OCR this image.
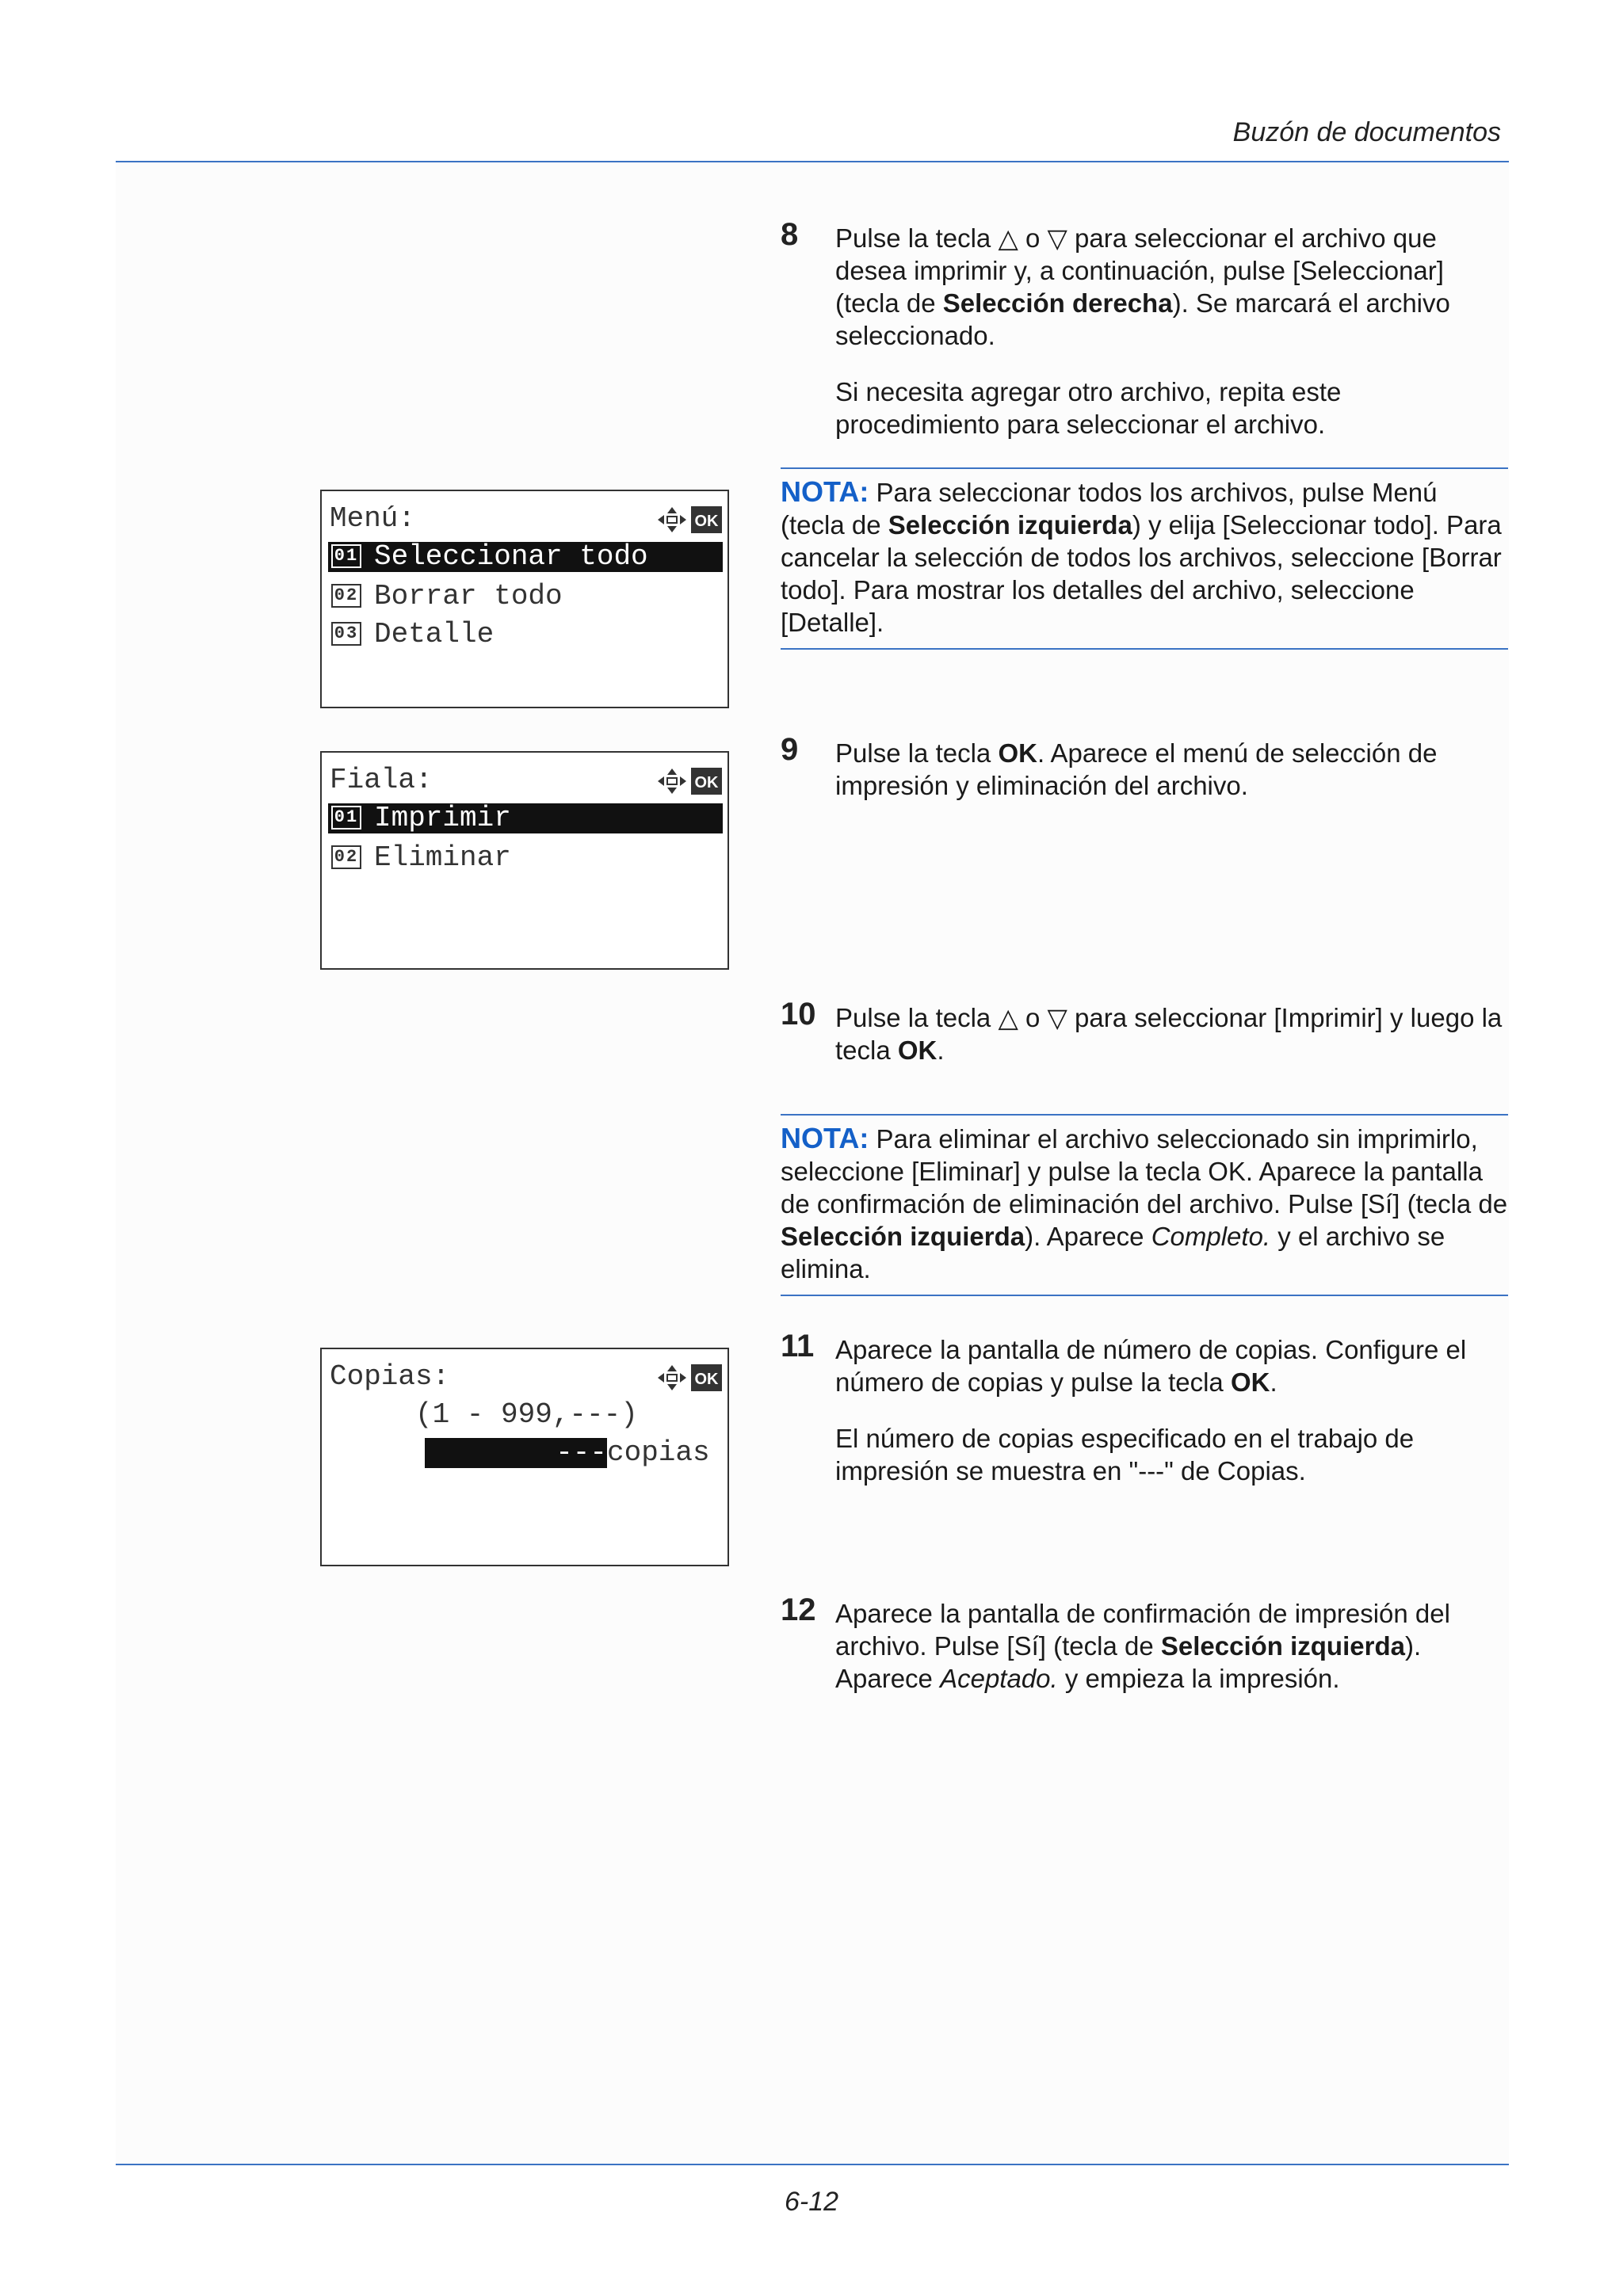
Buzón de documentos
8 Pulse la tecla △ o ▽ para seleccionar el archivo que desea imprimir y, a continuación, pulse [Seleccionar] (tecla de Selección derecha). Se marcará el archivo seleccionado.

Si necesita agregar otro archivo, repita este procedimiento para seleccionar el archivo.

NOTA: Para seleccionar todos los archivos, pulse Menú (tecla de Selección izquierda) y elija [Seleccionar todo]. Para cancelar la selección de todos los archivos, seleccione [Borrar todo]. Para mostrar los detalles del archivo, seleccione [Detalle].
Menú:	OK

01

Seleccionar todo

02

Borrar todo

03

Detalle

9 Pulse la tecla OK. Aparece el menú de selección de impresión y eliminación del archivo.

Fiala:	OK

01

Imprimir

02

Eliminar

10 Pulse la tecla △ o ▽ para seleccionar [Imprimir] y luego la tecla OK.

NOTA: Para eliminar el archivo seleccionado sin imprimirlo, seleccione [Eliminar] y pulse la tecla OK. Aparece la pantalla de confirmación de eliminación del archivo. Pulse [Sí] (tecla de Selección izquierda). Aparece Completo. y el archivo se elimina.
11 Aparece la pantalla de número de copias. Configure el número de copias y pulse la tecla OK.

El número de copias especificado en el trabajo de impresión se muestra en "---" de Copias.

Copias:	OK
(1 - 999,---)
--- copias
12 Aparece la pantalla de confirmación de impresión del archivo. Pulse [Sí] (tecla de Selección izquierda). Aparece Aceptado. y empieza la impresión.

6-12
